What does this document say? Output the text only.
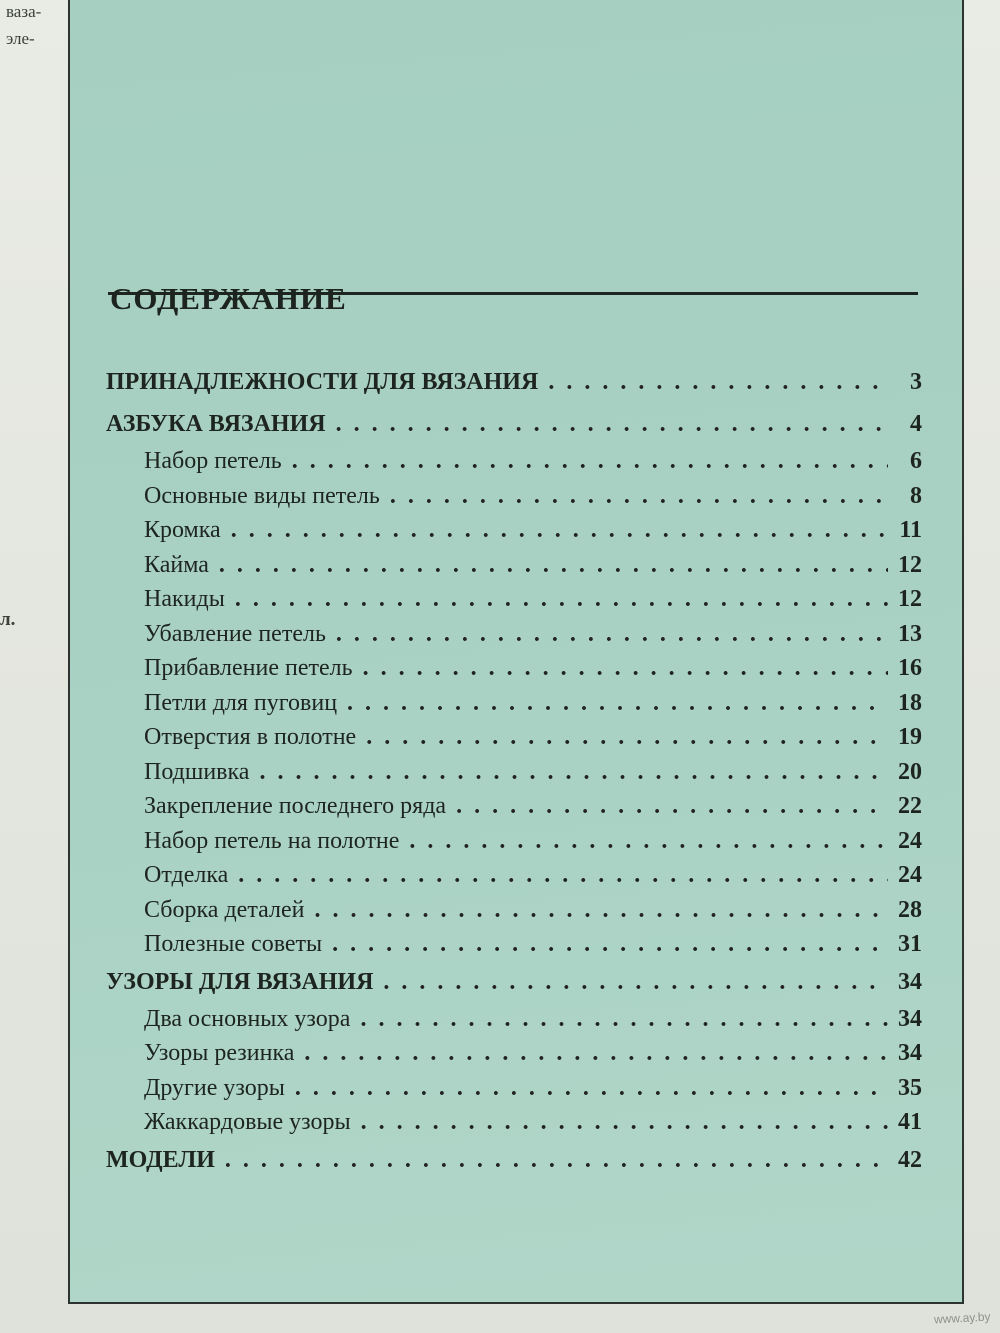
ваза-
эле-
л.
СОДЕРЖАНИЕ
ПРИНАДЛЕЖНОСТИ ДЛЯ ВЯЗАНИЯ . . .	3
АЗБУКА ВЯЗАНИЯ . . .	4
Набор петель . . .	6
Основные виды петель . . .	8
Кромка . . .	11
Кайма . . .	12
Накиды . . .	12
Убавление петель . . .	13
Прибавление петель . . .	16
Петли для пуговиц . . .	18
Отверстия в полотне . . .	19
Подшивка . . .	20
Закрепление последнего ряда . . .	22
Набор петель на полотне . . .	24
Отделка . . .	24
Сборка деталей . . .	28
Полезные советы . . .	31
УЗОРЫ ДЛЯ ВЯЗАНИЯ . . .	34
Два основных узора . . .	34
Узоры резинка . . .	34
Другие узоры . . .	35
Жаккардовые узоры . . .	41
МОДЕЛИ . . .	42
www.ay.by
